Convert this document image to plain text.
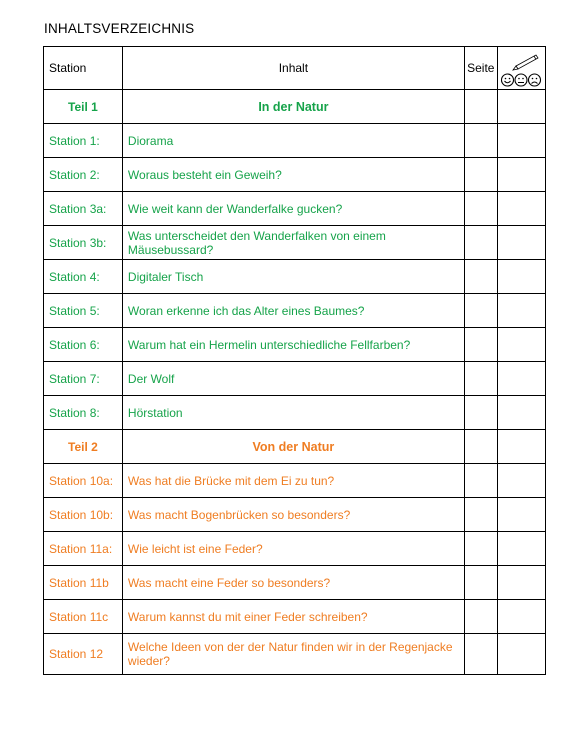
INHALTSVERZEICHNIS
Station	Inhalt	Seite	

Teil 1	In der Natur		
Station 1:	Diorama		
Station 2:	Woraus besteht ein Geweih?		
Station 3a:	Wie weit kann der Wanderfalke gucken?		
Station 3b:	Was unterscheidet den Wanderfalken von einem Mäusebussard?		
Station 4:	Digitaler Tisch		
Station 5:	Woran erkenne ich das Alter eines Baumes?		
Station 6:	Warum hat ein Hermelin unterschiedliche Fellfarben?		
Station 7:	Der Wolf		
Station 8:	Hörstation		
Teil 2	Von der Natur		
Station 10a:	Was hat die Brücke mit dem Ei zu tun?		
Station 10b:	Was macht Bogenbrücken so besonders?		
Station 11a:	Wie leicht ist eine Feder?		
Station 11b	Was macht eine Feder so besonders?		
Station 11c	Warum kannst du mit einer Feder schreiben?		
Station 12	Welche Ideen von der der Natur finden wir in der Regenjacke wieder?		
